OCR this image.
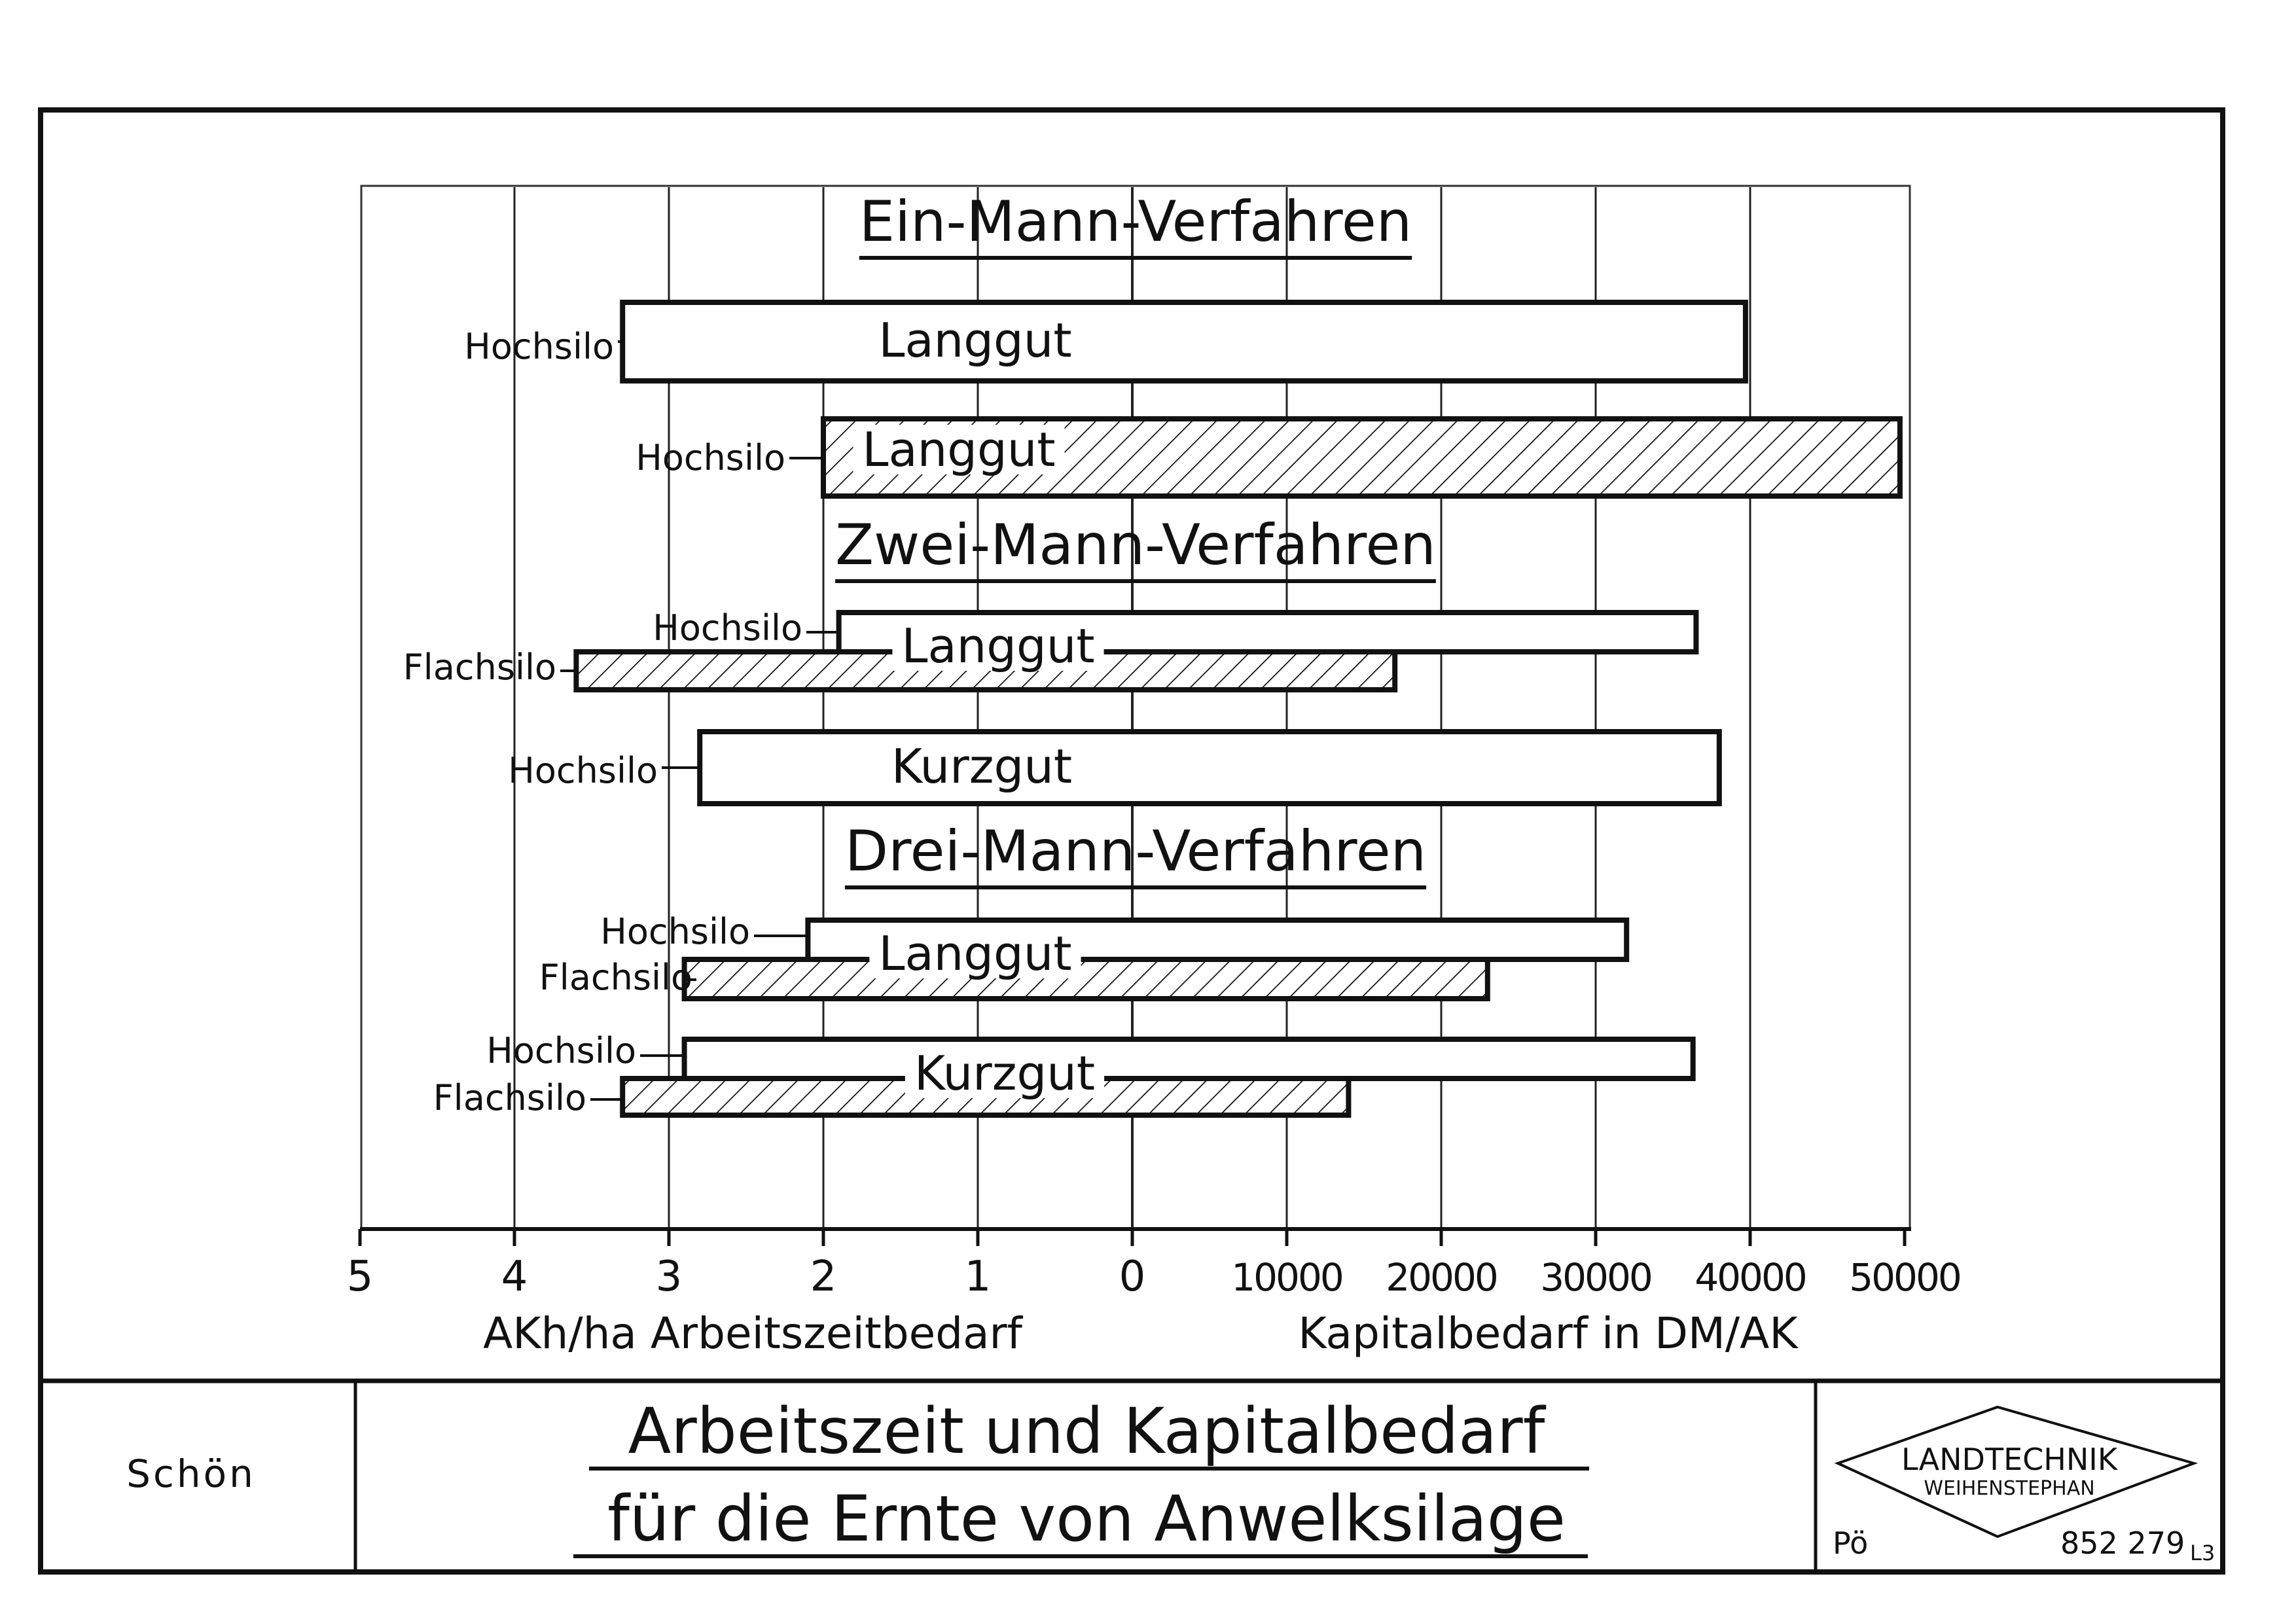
5	4	3	2	1	0 10000 20000 30000 40000 50000
Hochsilo	Langgut
Hochsilo Langgut
Hochsilo
Flachsilo	Langgut
Hochsilo	Kurzgut
Hochsilo
Flachsilo	Langgut
Hochsilo
Flachsilo	Kurzgut
Ein-Mann-Verfahren
Zwei-Mann-Verfahren
Drei-Mann-Verfahren
AKh/ha Arbeitszeitbedarf	Kapitalbedarf in DM/AK
Schön
Arbeitszeit und Kapitalbedarf
für die Ernte von Anwelksilage
LANDTECHNIK
WEIHENSTEPHAN
Pö	852 279 L3
